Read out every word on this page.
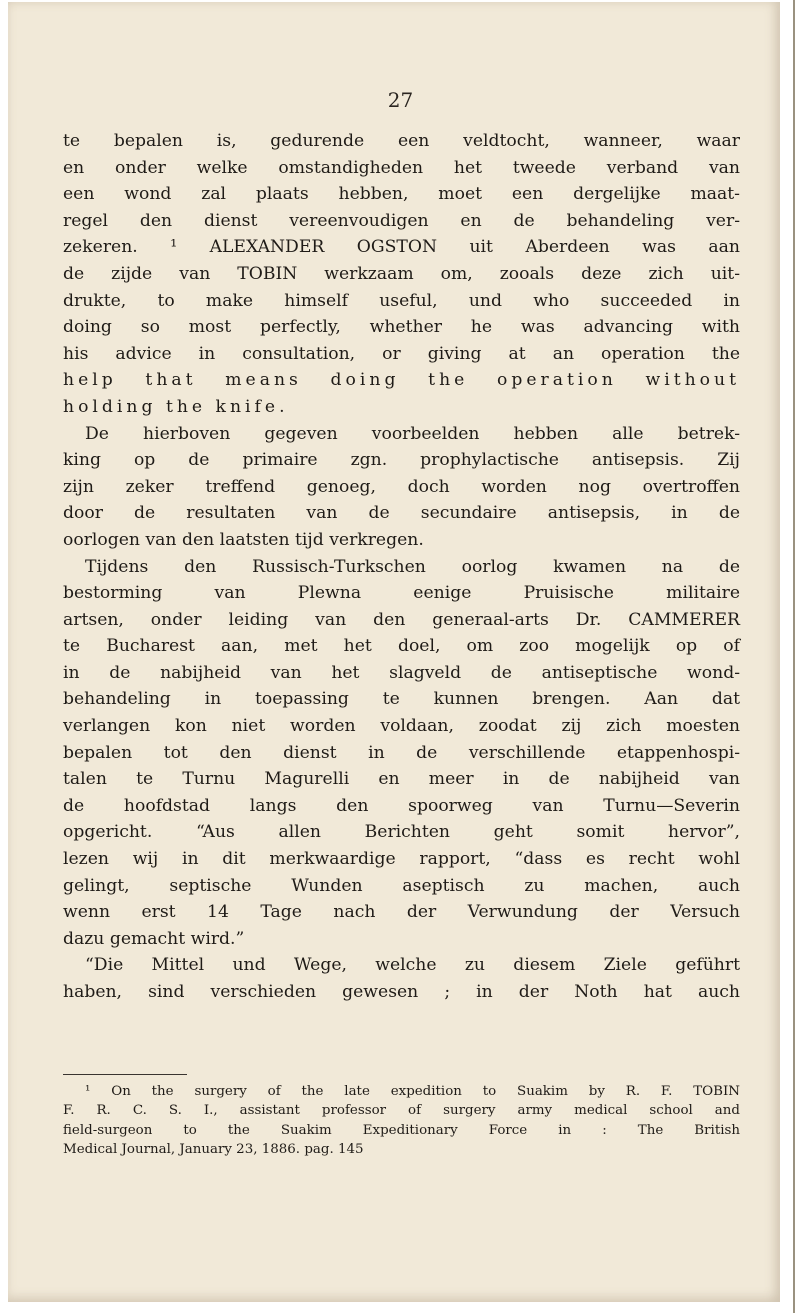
27
te bepalen is, gedurende een veldtocht, wanneer, waar
en onder welke omstandigheden het tweede verband van
een wond zal plaats hebben, moet een dergelijke maat-
regel den dienst vereenvoudigen en de behandeling ver-
zekeren. ¹ ALEXANDER OGSTON uit Aberdeen was aan
de zijde van TOBIN werkzaam om, zooals deze zich uit-
drukte, to make himself useful, und who succeeded in
doing so most perfectly, whether he was advancing with
his advice in consultation, or giving at an operation the
help that means doing the operation without
holding the knife.
De hierboven gegeven voorbeelden hebben alle betrek-
king op de primaire zgn. prophylactische antisepsis. Zij
zijn zeker treffend genoeg, doch worden nog overtroffen
door de resultaten van de secundaire antisepsis, in de
oorlogen van den laatsten tijd verkregen.
Tijdens den Russisch-Turkschen oorlog kwamen na de
bestorming van Plewna eenige Pruisische militaire
artsen, onder leiding van den generaal-arts Dr. CAMMERER
te Bucharest aan, met het doel, om zoo mogelijk op of
in de nabijheid van het slagveld de antiseptische wond-
behandeling in toepassing te kunnen brengen. Aan dat
verlangen kon niet worden voldaan, zoodat zij zich moesten
bepalen tot den dienst in de verschillende etappenhospi-
talen te Turnu Magurelli en meer in de nabijheid van
de hoofdstad langs den spoorweg van Turnu—Severin
opgericht. “Aus allen Berichten geht somit hervor”,
lezen wij in dit merkwaardige rapport, “dass es recht wohl
gelingt, septische Wunden aseptisch zu machen, auch
wenn erst 14 Tage nach der Verwundung der Versuch
dazu gemacht wird.”
“Die Mittel und Wege, welche zu diesem Ziele geführt
haben, sind verschieden gewesen ; in der Noth hat auch
¹ On the surgery of the late expedition to Suakim by R. F. TOBIN
F. R. C. S. I., assistant professor of surgery army medical school and
field-surgeon to the Suakim Expeditionary Force in : The British
Medical Journal, January 23, 1886. pag. 145
